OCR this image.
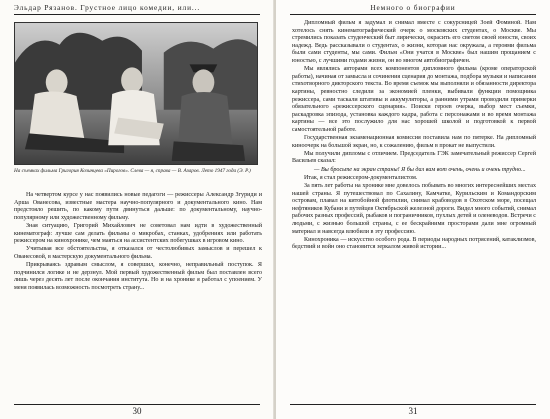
Эльдар Рязанов. Грустное лицо комедии, или...
На съемках фильма Григория Козинцева «Пирогов». Слева — я, справа — В. Азаров. Лето 1947 года (Э. Р.)

На четвертом курсе у нас появились новые педагоги — режиссеры Александр Згуриди и Арша Ованесова, известные мастера научно-популярного и документального кино. Нам предстояло решить, по какому пути двинуться дальше: по документальному, научно-популярному или художественному фильму.

Зная ситуацию, Григорий Михайлович не советовал нам идти в художественный кинематограф: лучше сам делать фильмы о микробах, станках, удобрениях или работать режиссером на кинохронике, чем маяться на ассистентских побегушках в игровом кино.

Учитывая все обстоятельства, я отказался от честолюбивых замыслов и перешел к Ованесовой, в мастерскую документального фильма.

Прикрываясь здравым смыслом, я совершил, конечно, неправильный поступок. Я подчинился логике и не дерзнул. Мой первый художественный фильм был поставлен всего лишь через десять лет после окончания института. Но и на хронике я работал с упоением. У меня появилась возможность посмотреть страну...

30
Немного о биографии

Дипломный фильм я задумал и снимал вместе с сокурсницей Зоей Фоминой. Нам хотелось снять кинематографический очерк о московских студентах, о Москве. Мы стремились показать студенческий быт лирически, окрасить его светом своей юности, своих надежд. Ведь рассказывали о студентах, о жизни, которая нас окружала, а героями фильма были сами студенты, мы сами. Фильм «Они учатся в Москве» был нашим прощанием с юностью, с лучшими годами жизни, он во многом автобиографичен.

Мы являлись авторами всех компонентов дипломного фильма (кроме операторской работы), начиная от замысла и сочинения сценария до монтажа, подбора музыки и написания стихотворного дикторского текста. Во время съемок мы выполняли и обязанности директора картины, ревностно следили за экономией пленки, выбивали функции помощника режиссера, сами таскали штативы и аккумуляторы, а ранними утрами проводили примерки обязательного «режиссерского сценария». Поиски героев очерка, выбор мест съемки, раскадровка эпизода, установка каждого кадра, работа с персонажами и во время монтажа картины — все это послужило для нас хорошей школой и подготовкой к первой самостоятельной работе.

Государственная экзаменационная комиссия поставила нам по пятерке. На дипломный киноочерк на большой экран, но, к сожалению, фильм в прокат не выпустили.

Мы получили дипломы с отличием. Председатель ГЭК замечательный режиссер Сергей Васильев сказал:

— Вы бросьте на экран страны! Я бы дал вам вот очень, очень и очень трудно...

Итак, я стал режиссером-документалистом.

За пять лет работы на хронике мне довелось побывать во многих интереснейших местах нашей страны. Я путешествовал по Сахалину, Камчатке, Курильским и Командорским островам, плавал на китобойной флотилии, снимал крабоводов в Охотском море, посещал нефтяников Кубани и путейцев Октябрьской железной дороги. Видел много событий, снимал рабочих разных профессий, рыбаков и пограничников, пухлых детей и оленеводов. Встречи с людьми, с жизнью большой страны, с ее бескрайними просторами дали мне огромный материал и навсегда влюбили в эту профессию.

Кинохроника — искусство особого рода. В периоды народных потрясений, катаклизмов, бедствий и войн оно становится зеркалом живой истории...

31
